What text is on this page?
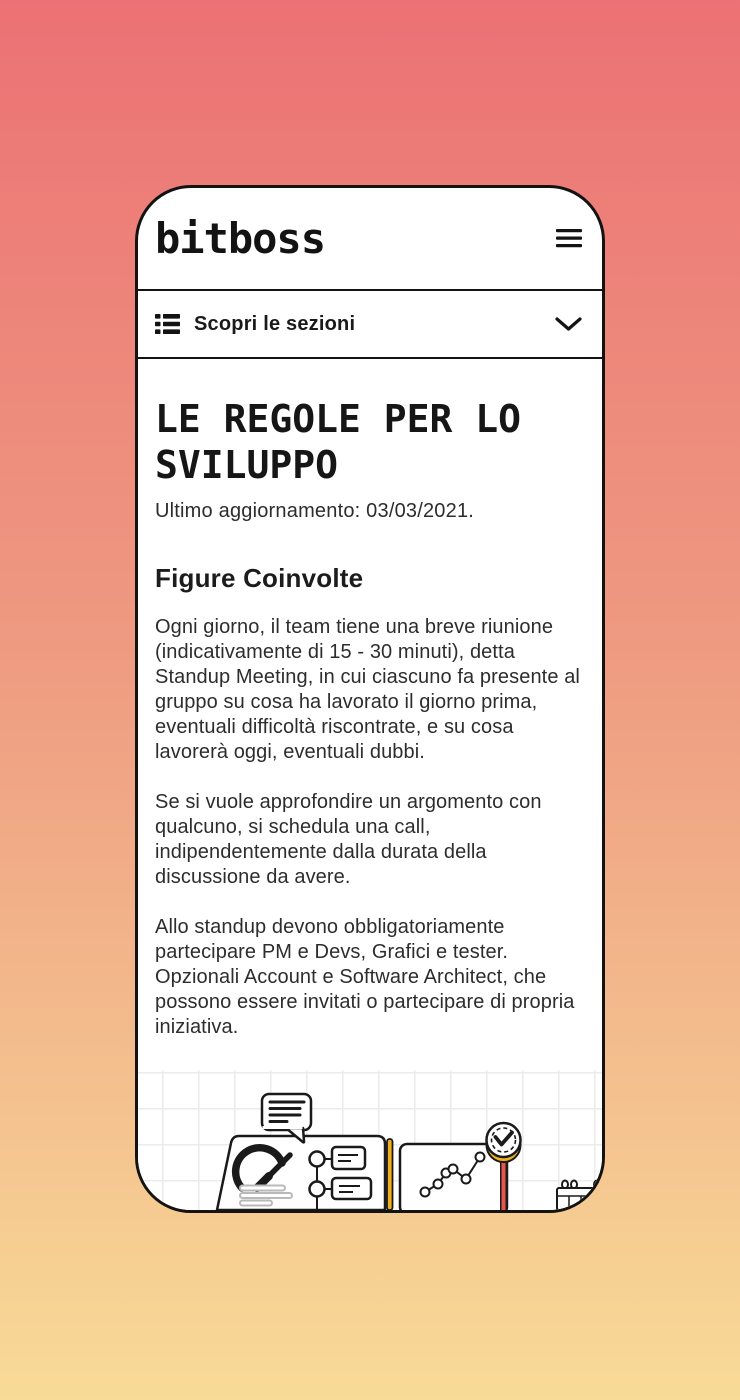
bitboss
Scopri le sezioni
LE REGOLE PER LO SVILUPPO
Ultimo aggiornamento: 03/03/2021.
Figure Coinvolte

Ogni giorno, il team tiene una breve riunione (indicativamente di 15 - 30 minuti), detta Standup Meeting, in cui ciascuno fa presente al gruppo su cosa ha lavorato il giorno prima, eventuali difficoltà riscontrate, e su cosa lavorerà oggi, eventuali dubbi.

Se si vuole approfondire un argomento con qualcuno, si schedula una call, indipendentemente dalla durata della discussione da avere.

Allo standup devono obbligatoriamente partecipare PM e Devs, Grafici e tester. Opzionali Account e Software Architect, che possono essere invitati o partecipare di propria iniziativa.
